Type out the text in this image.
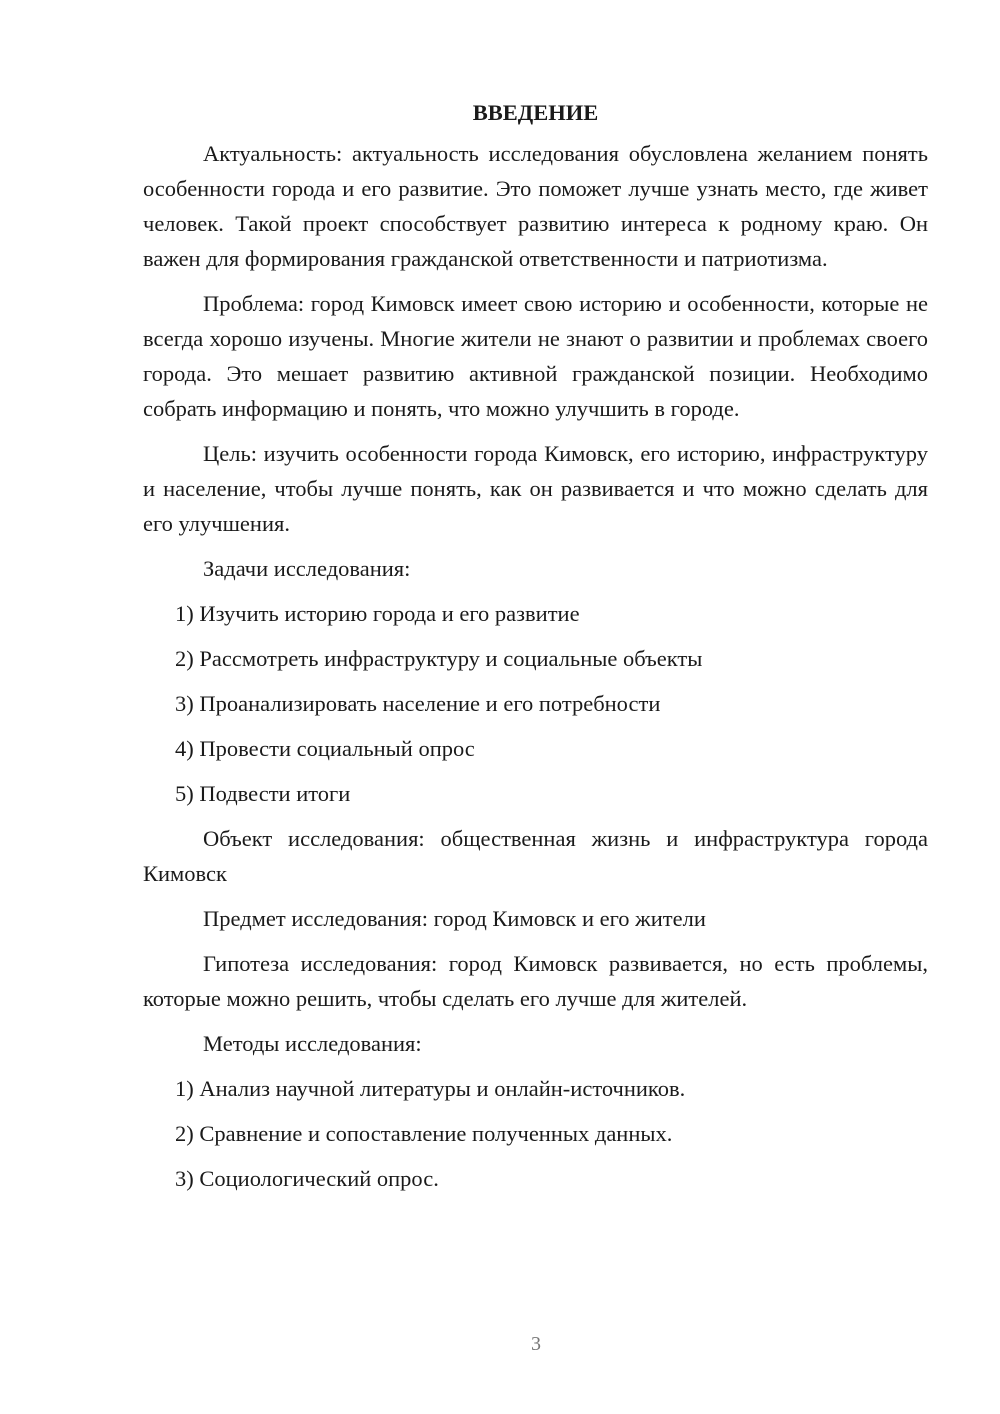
ВВЕДЕНИЕ

Актуальность: актуальность исследования обусловлена желанием понять особенности города и его развитие. Это поможет лучше узнать место, где живет человек. Такой проект способствует развитию интереса к родному краю. Он важен для формирования гражданской ответственности и патриотизма.

Проблема: город Кимовск имеет свою историю и особенности, которые не всегда хорошо изучены. Многие жители не знают о развитии и проблемах своего города. Это мешает развитию активной гражданской позиции. Необходимо собрать информацию и понять, что можно улучшить в городе.

Цель: изучить особенности города Кимовск, его историю, инфраструктуру и население, чтобы лучше понять, как он развивается и что можно сделать для его улучшения.

Задачи исследования:

1) Изучить историю города и его развитие

2) Рассмотреть инфраструктуру и социальные объекты

3) Проанализировать население и его потребности

4) Провести социальный опрос

5) Подвести итоги

Объект исследования: общественная жизнь и инфраструктура города Кимовск

Предмет исследования: город Кимовск и его жители

Гипотеза исследования: город Кимовск развивается, но есть проблемы, которые можно решить, чтобы сделать его лучше для жителей.

Методы исследования:

1) Анализ научной литературы и онлайн-источников.

2) Сравнение и сопоставление полученных данных.

3) Социологический опрос.

3
